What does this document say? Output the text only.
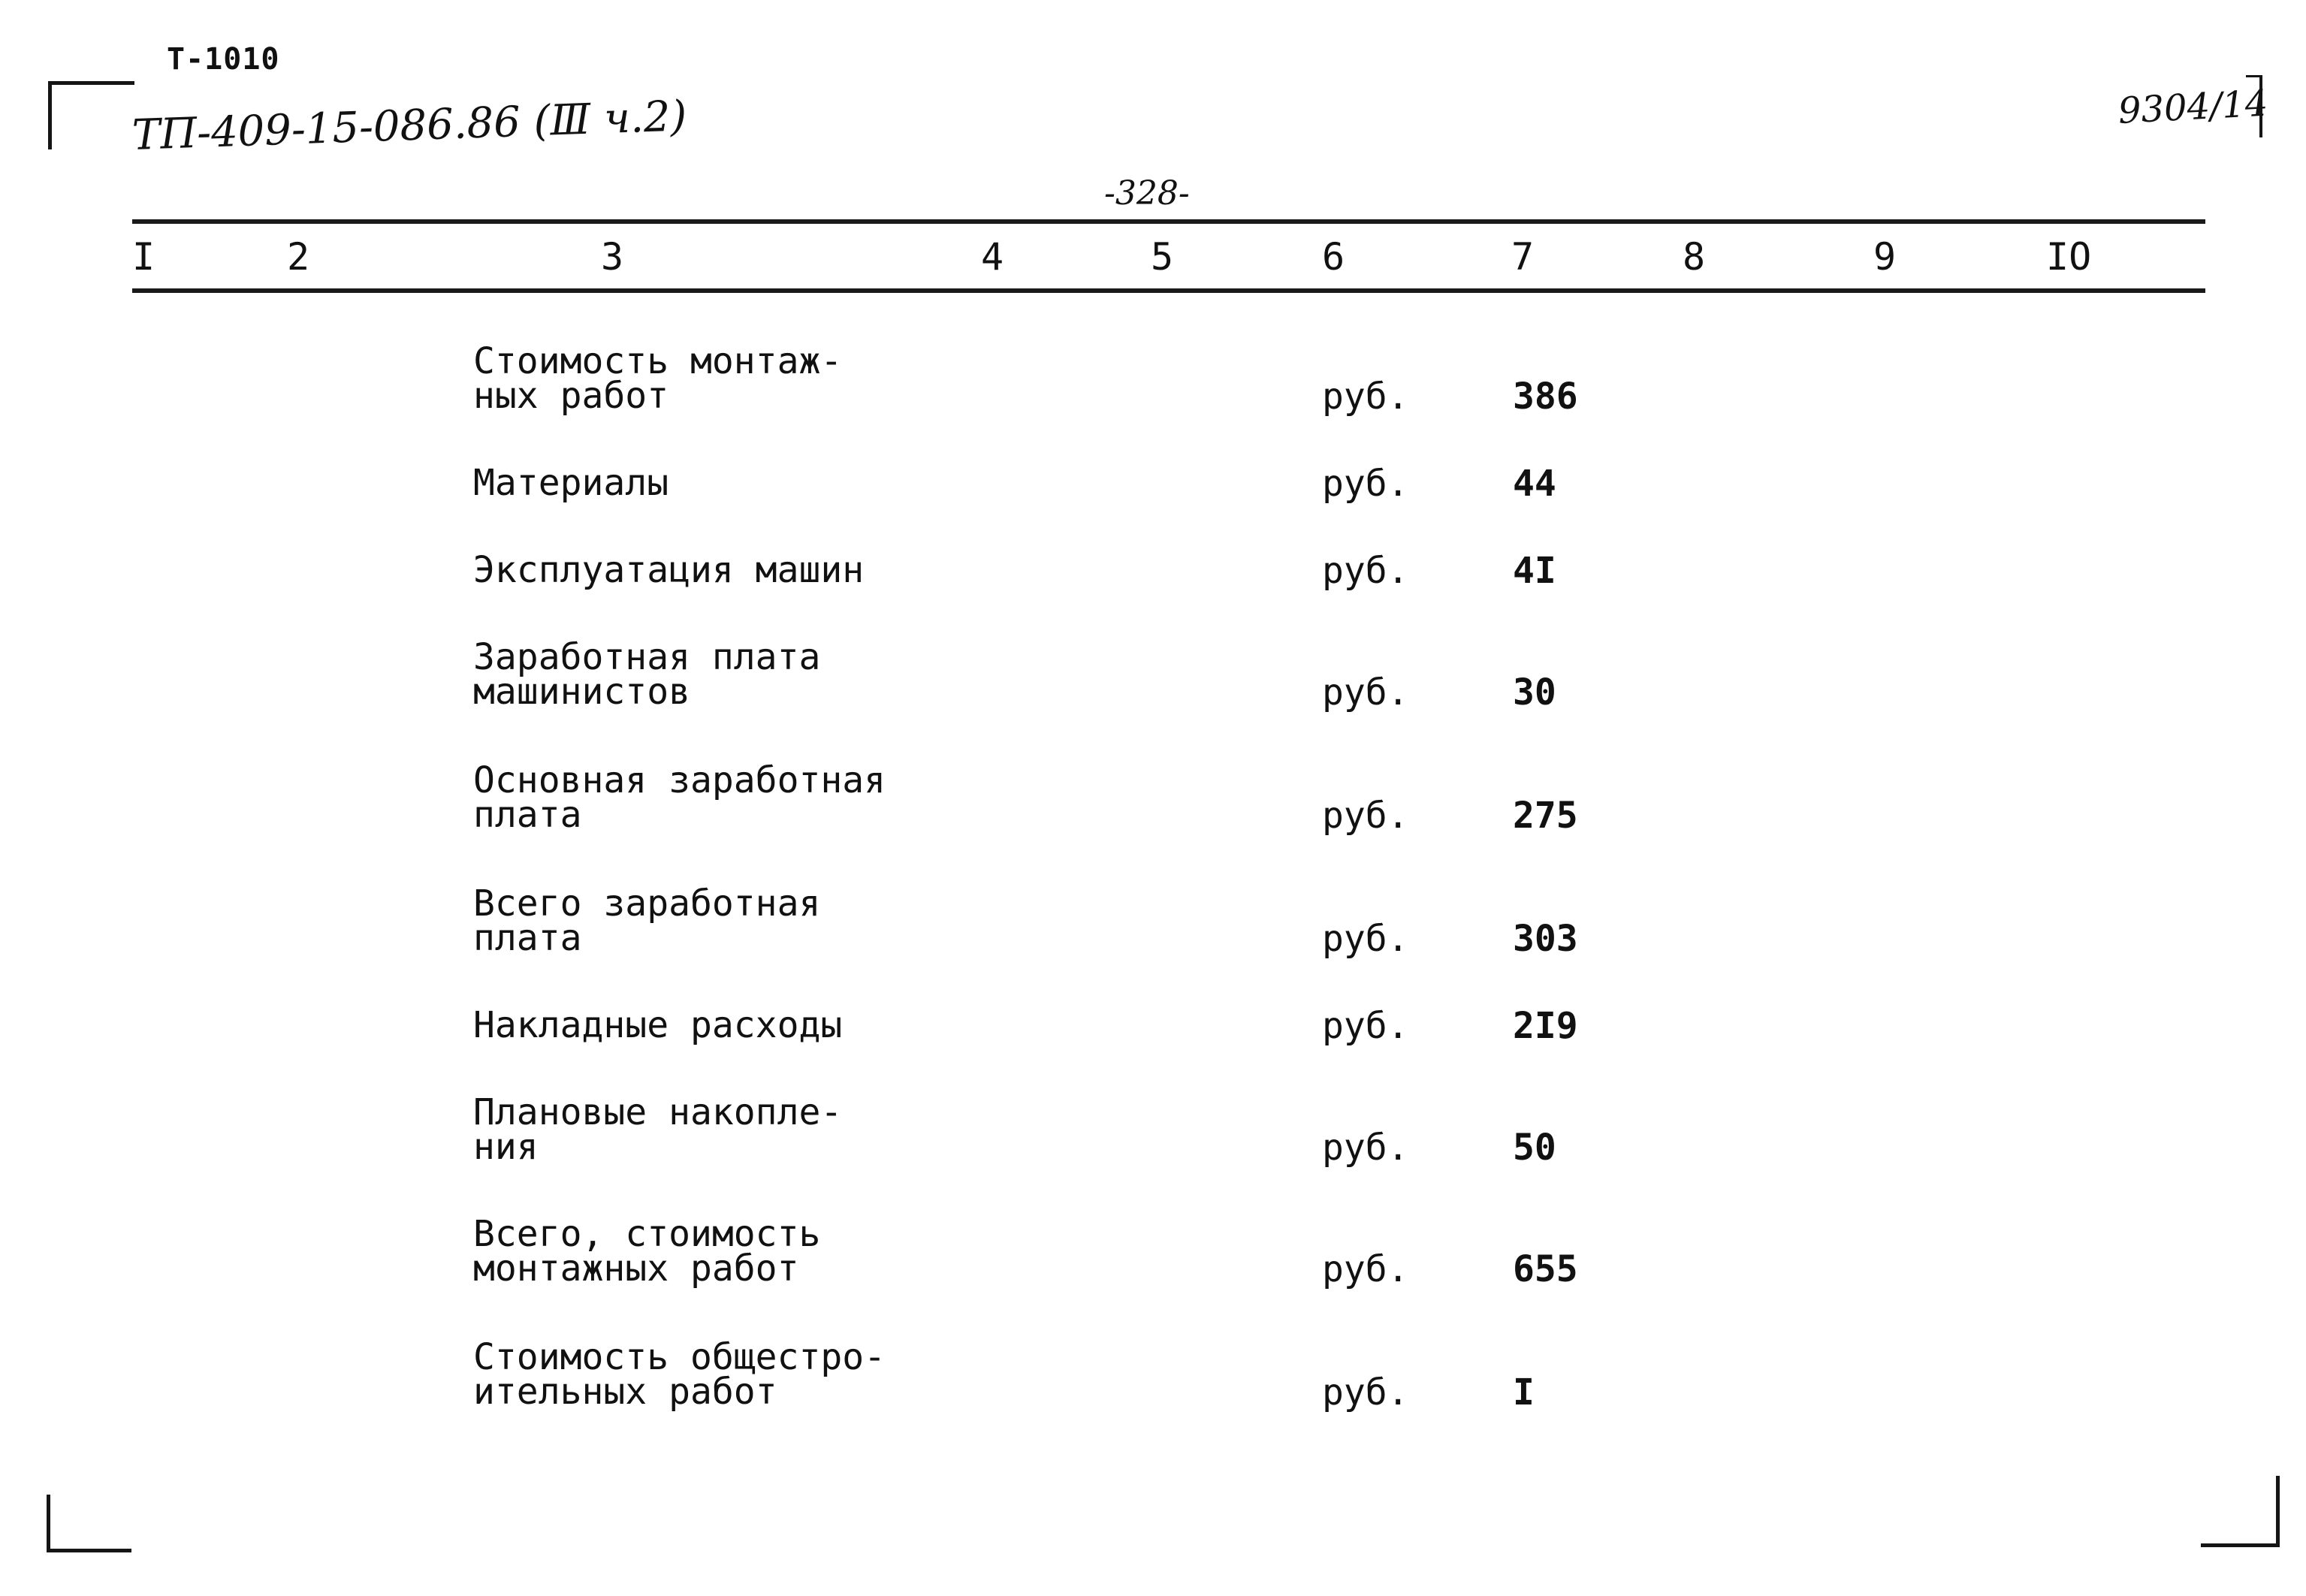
Т-1010
ТП-409-15-086.86 (Ⅲ ч.2)	9304/14
-328-
I	2	3	4	5	6	7	8	9	IO
Стоимость монтаж-
ных работ	руб.	386
Материалы	руб.	44
Эксплуатация машин	руб.	4I
Заработная плата
машинистов	руб.	30
Основная заработная
плата	руб.	275
Всего заработная
плата	руб.	303
Накладные расходы	руб.	2I9
Плановые накопле-
ния	руб.	50
Всего, стоимость
монтажных работ	руб.	655
Стоимость общестро-
ительных работ	руб.	I
